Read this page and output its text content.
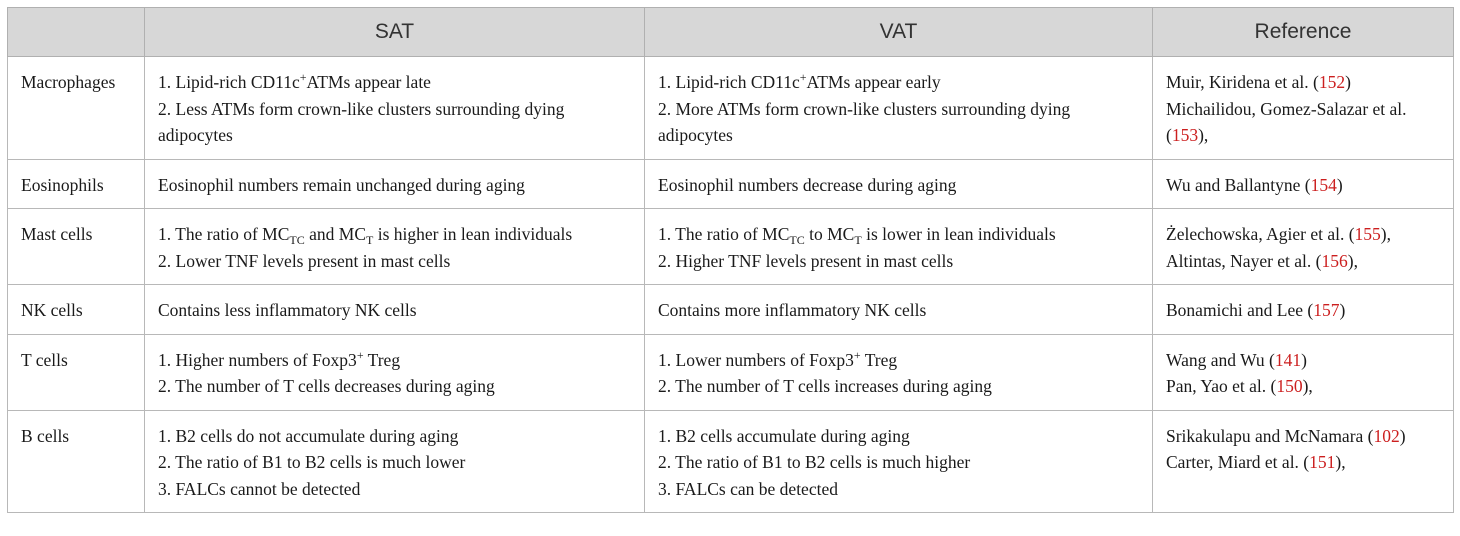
	SAT	VAT	Reference
Macrophages	1. Lipid-rich CD11c+ATMs appear late
2. Less ATMs form crown-like clusters surrounding dying adipocytes	1. Lipid-rich CD11c+ATMs appear early
2. More ATMs form crown-like clusters surrounding dying adipocytes	Muir, Kiridena et al. (152)
Michailidou, Gomez-Salazar et al. (153),

Eosinophils	Eosinophil numbers remain unchanged during aging	Eosinophil numbers decrease during aging	Wu and Ballantyne (154)

Mast cells	1. The ratio of $MC_{TC}$ and $MC_T$ is higher in lean individuals
2. Lower TNF levels present in mast cells	1. The ratio of $MC_{TC}$ to $MC_T$ is lower in lean individuals
2. Higher TNF levels present in mast cells	Żelechowska, Agier et al. (155),
Altintas, Nayer et al. (156),

NK cells	Contains less inflammatory NK cells	Contains more inflammatory NK cells	Bonamichi and Lee (157)

T cells	1. Higher numbers of Foxp3+ Treg
2. The number of T cells decreases during aging	1. Lower numbers of Foxp3+ Treg
2. The number of T cells increases during aging	Wang and Wu (141)
Pan, Yao et al. (150),

B cells	1. B2 cells do not accumulate during aging
2. The ratio of B1 to B2 cells is much lower
3. FALCs cannot be detected	1. B2 cells accumulate during aging
2. The ratio of B1 to B2 cells is much higher
3. FALCs can be detected	Srikakulapu and McNamara (102)
Carter, Miard et al. (151),
